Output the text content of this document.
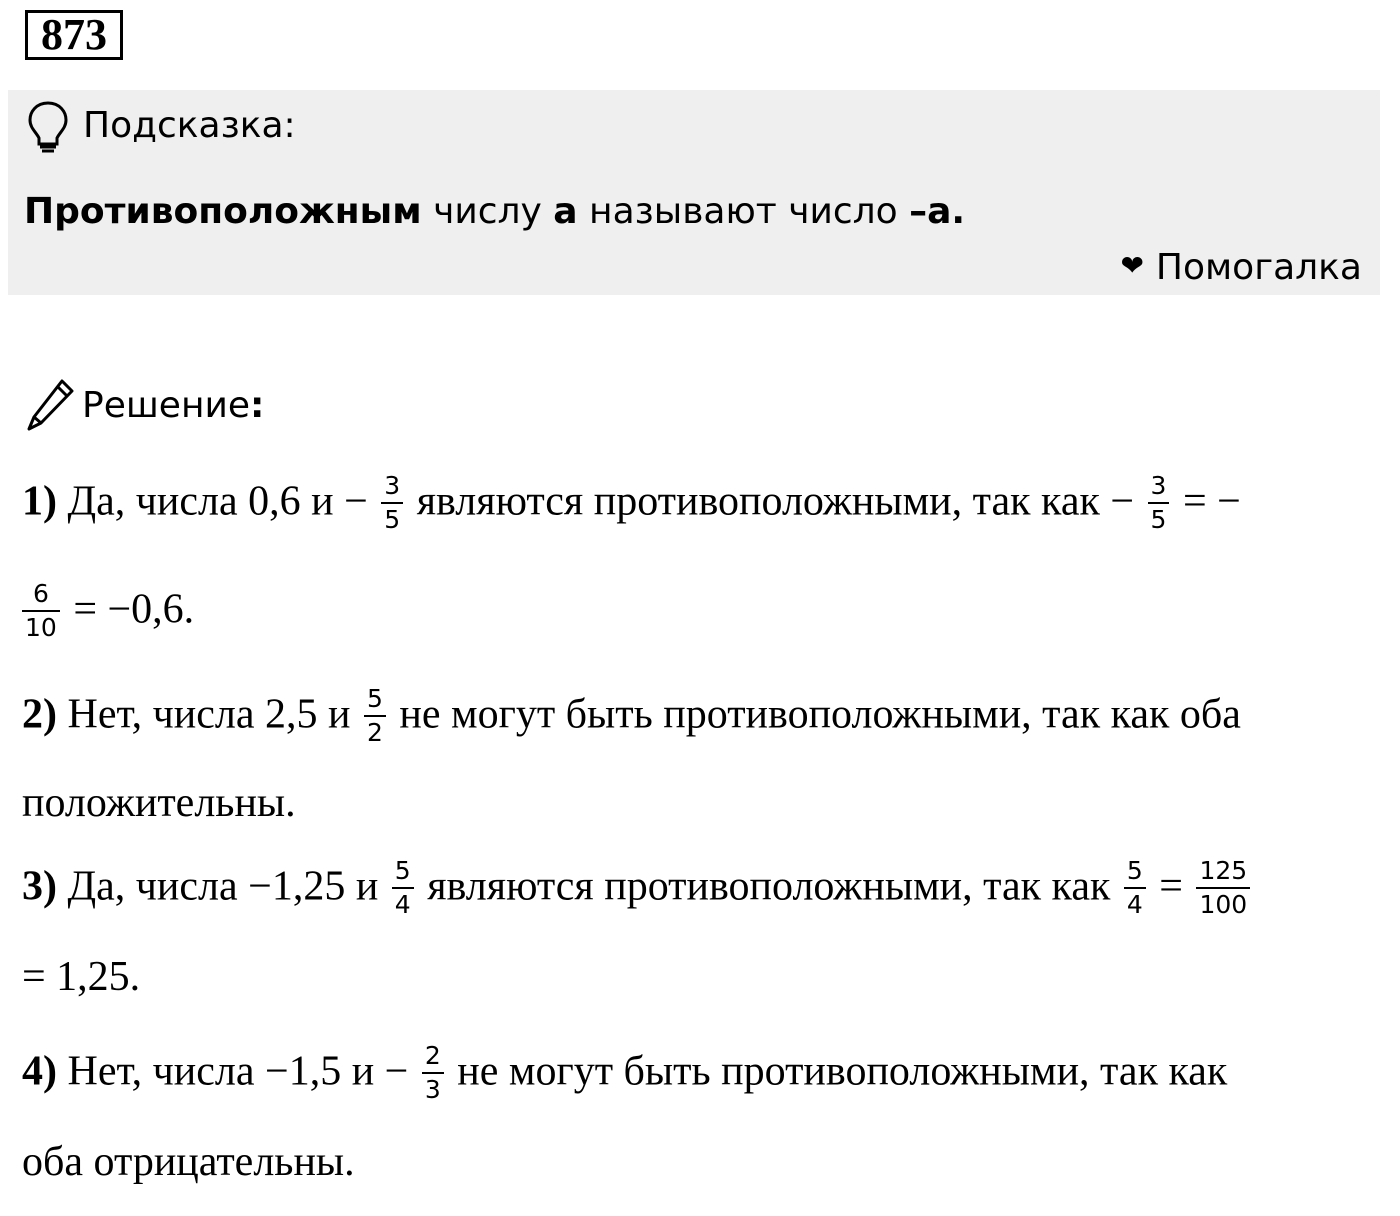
873
Подсказка:
Противоположным числу а называют число –а.
❤ Помогалка
Решение:
1) Да, числа 0,6 $и - \frac{3}{5}$ являются противоположными, так как − $\frac{3}{5}$ = −
$\frac{6}{10} = -0,6$.
2) Нет, числа 2,5 и $\frac{5}{2}$ не могут быть противоположными, так как оба
положительны.
3) Да, числа −1,25 и $\frac{5}{4}$ являются противоположными, так как $\frac{5}{4} = \frac{125}{100}$
= 1,25.
4) Нет, числа −1,5 $и - \frac{2}{3}$ не могут быть противоположными, так как
оба отрицательны.
